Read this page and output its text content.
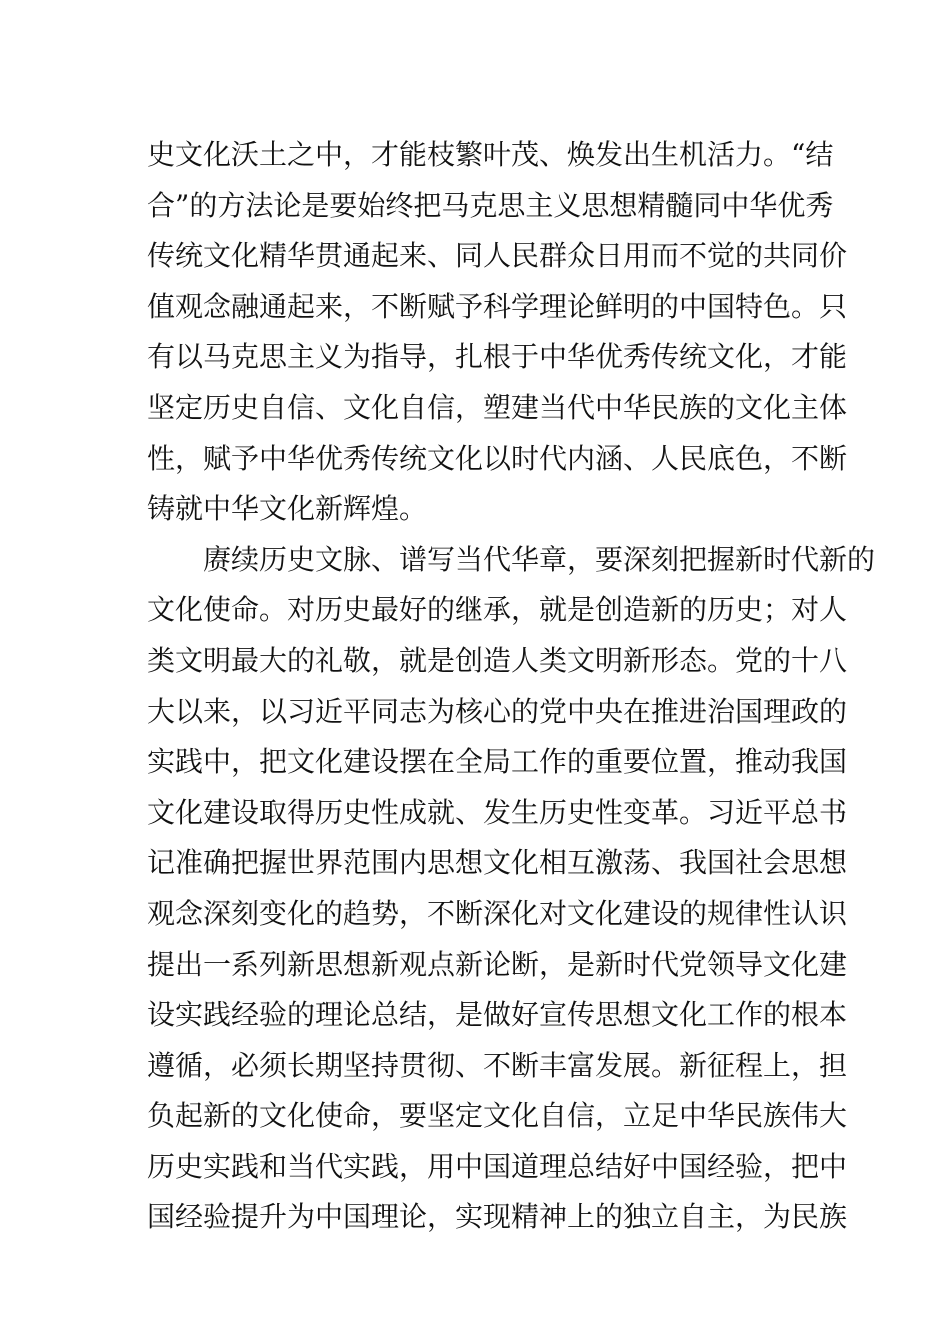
史文化沃土之中，才能枝繁叶茂、焕发出生机活力。“结
合”的方法论是要始终把马克思主义思想精髓同中华优秀
传统文化精华贯通起来、同人民群众日用而不觉的共同价
值观念融通起来，不断赋予科学理论鲜明的中国特色。只
有以马克思主义为指导，扎根于中华优秀传统文化，才能
坚定历史自信、文化自信，塑建当代中华民族的文化主体
性，赋予中华优秀传统文化以时代内涵、人民底色，不断
铸就中华文化新辉煌。
赓续历史文脉、谱写当代华章，要深刻把握新时代新的
文化使命。对历史最好的继承，就是创造新的历史；对人
类文明最大的礼敬，就是创造人类文明新形态。党的十八
大以来，以习近平同志为核心的党中央在推进治国理政的
实践中，把文化建设摆在全局工作的重要位置，推动我国
文化建设取得历史性成就、发生历史性变革。习近平总书
记准确把握世界范围内思想文化相互激荡、我国社会思想
观念深刻变化的趋势，不断深化对文化建设的规律性认识
提出一系列新思想新观点新论断，是新时代党领导文化建
设实践经验的理论总结，是做好宣传思想文化工作的根本
遵循，必须长期坚持贯彻、不断丰富发展。新征程上，担
负起新的文化使命，要坚定文化自信，立足中华民族伟大
历史实践和当代实践，用中国道理总结好中国经验，把中
国经验提升为中国理论，实现精神上的独立自主，为民族
